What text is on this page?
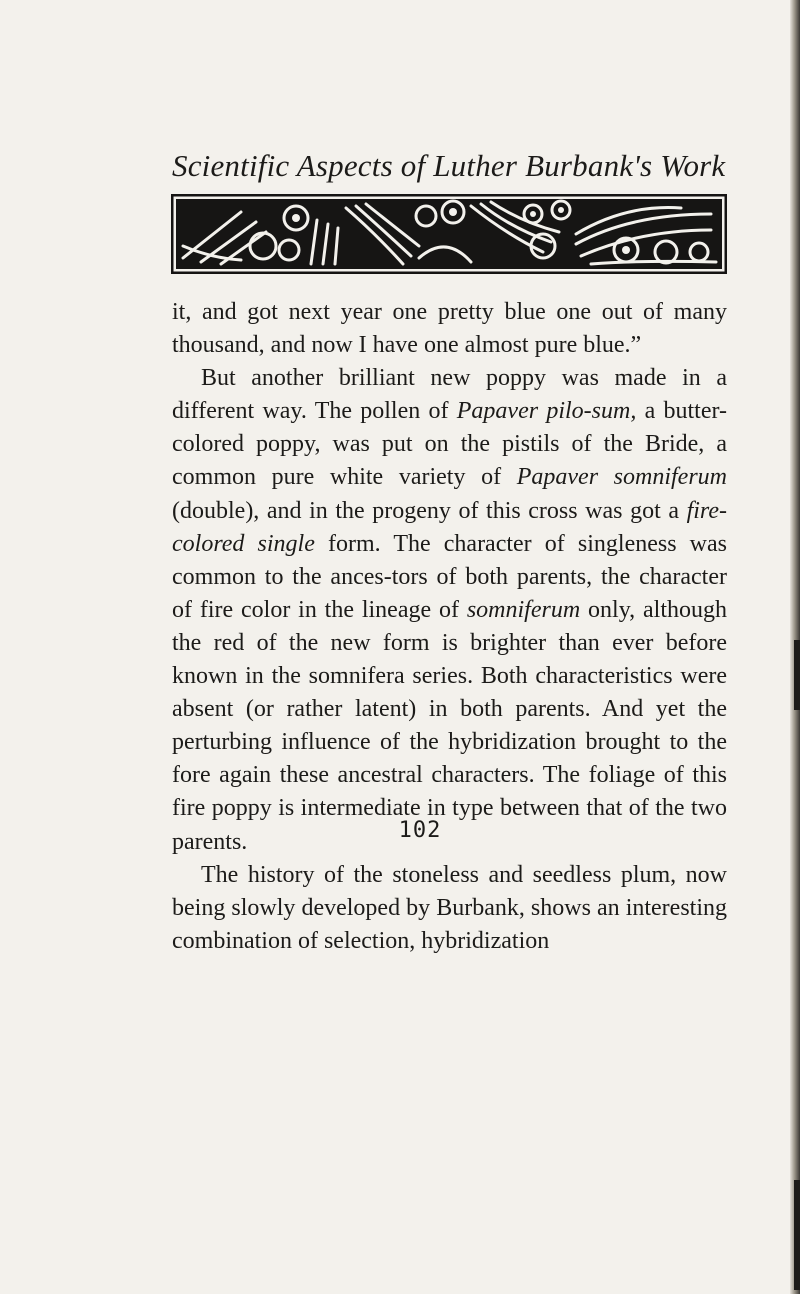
Scientific Aspects of Luther Burbank's Work

it, and got next year one pretty blue one out of many thousand, and now I have one almost pure blue.”

But another brilliant new poppy was made in a different way. The pollen of Papaver pilo-sum, a butter-colored poppy, was put on the pistils of the Bride, a common pure white variety of Papaver somniferum (double), and in the progeny of this cross was got a fire-colored single form. The character of singleness was common to the ances-tors of both parents, the character of fire color in the lineage of somniferum only, although the red of the new form is brighter than ever before known in the somnifera series. Both characteristics were absent (or rather latent) in both parents. And yet the perturbing influence of the hybridization brought to the fore again these ancestral characters. The foliage of this fire poppy is intermediate in type between that of the two parents.

The history of the stoneless and seedless plum, now being slowly developed by Burbank, shows an interesting combination of selection, hybridization

102
